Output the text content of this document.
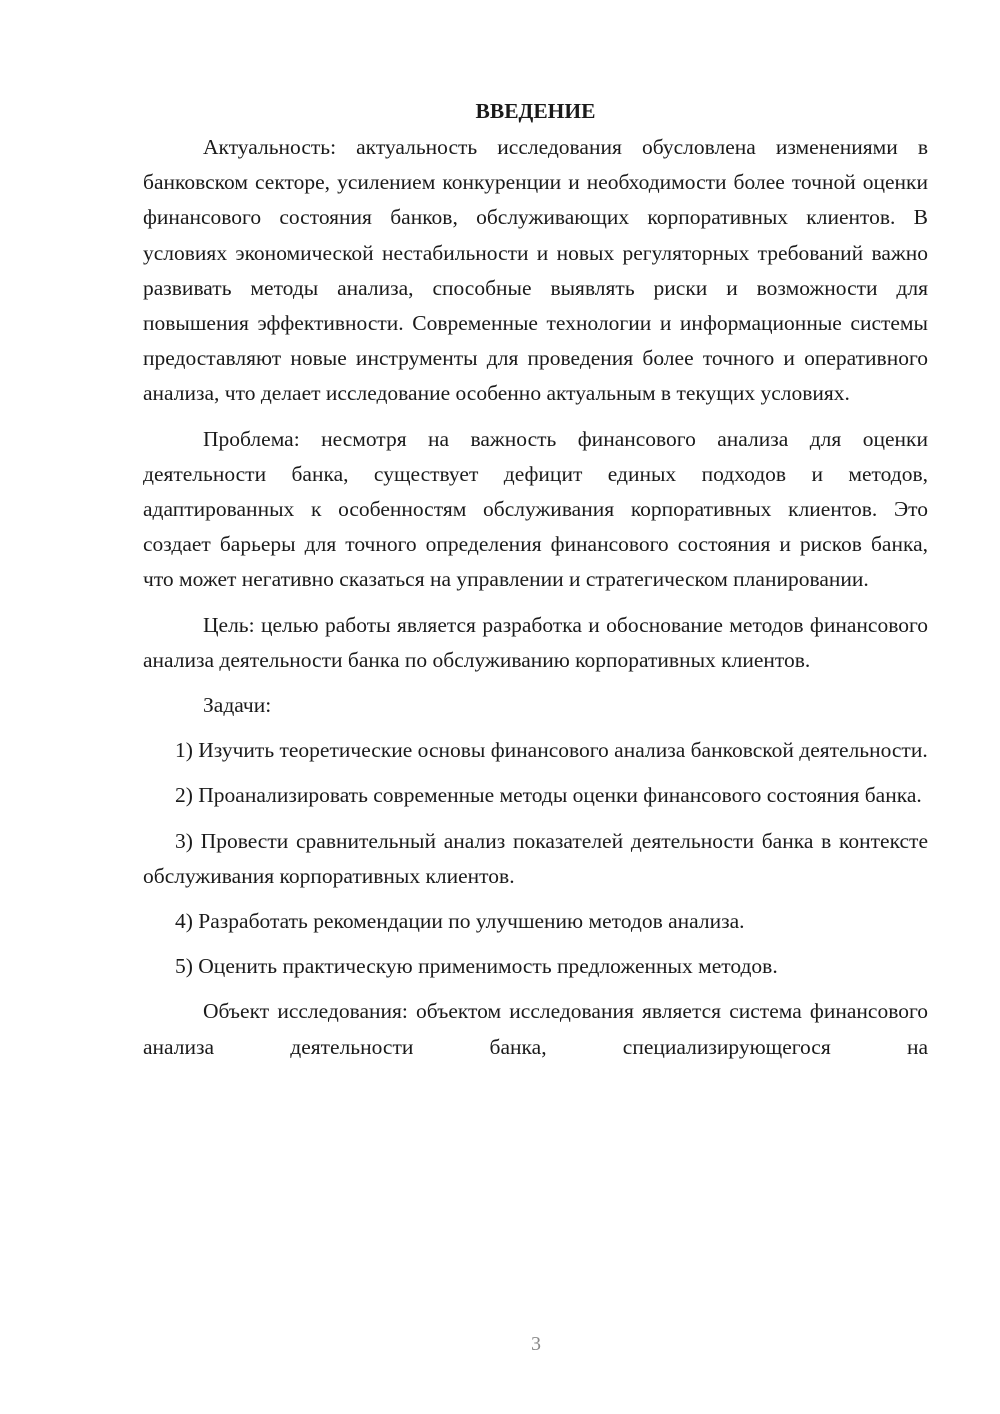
ВВЕДЕНИЕ

Актуальность: актуальность исследования обусловлена изменениями в банковском секторе, усилением конкуренции и необходимости более точной оценки финансового состояния банков, обслуживающих корпоративных клиентов. В условиях экономической нестабильности и новых регуляторных требований важно развивать методы анализа, способные выявлять риски и возможности для повышения эффективности. Современные технологии и информационные системы предоставляют новые инструменты для проведения более точного и оперативного анализа, что делает исследование особенно актуальным в текущих условиях.

Проблема: несмотря на важность финансового анализа для оценки деятельности банка, существует дефицит единых подходов и методов, адаптированных к особенностям обслуживания корпоративных клиентов. Это создает барьеры для точного определения финансового состояния и рисков банка, что может негативно сказаться на управлении и стратегическом планировании.

Цель: целью работы является разработка и обоснование методов финансового анализа деятельности банка по обслуживанию корпоративных клиентов.

Задачи:

1) Изучить теоретические основы финансового анализа банковской деятельности.

2) Проанализировать современные методы оценки финансового состояния банка.

3) Провести сравнительный анализ показателей деятельности банка в контексте обслуживания корпоративных клиентов.

4) Разработать рекомендации по улучшению методов анализа.

5) Оценить практическую применимость предложенных методов.

Объект исследования: объектом исследования является система финансового анализа деятельности банка, специализирующегося на

3
